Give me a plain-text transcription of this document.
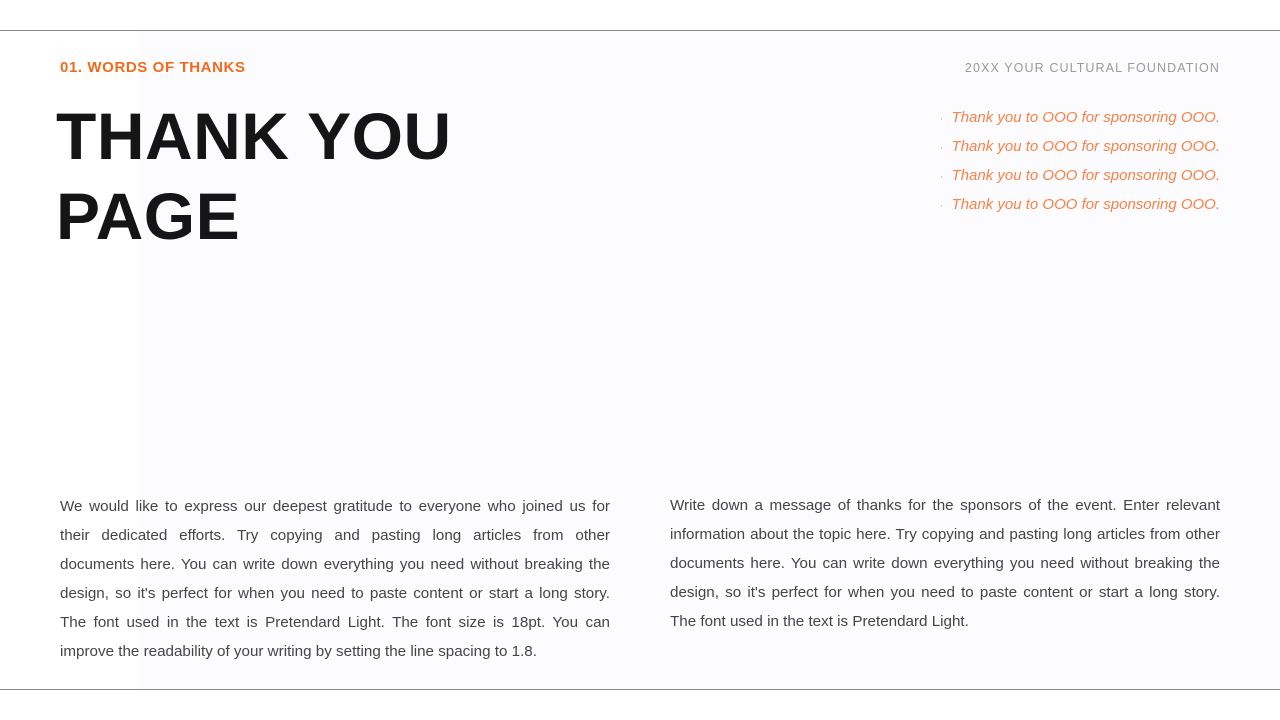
01. WORDS OF THANKS	20XX YOUR CULTURAL FOUNDATION
THANK YOU
PAGE
· Thank you to OOO for sponsoring OOO.
· Thank you to OOO for sponsoring OOO.
· Thank you to OOO for sponsoring OOO.
· Thank you to OOO for sponsoring OOO.

We would like to express our deepest gratitude to everyone who joined us for their dedicated efforts. Try copying and pasting long articles from other documents here. You can write down everything you need without breaking the design, so it's perfect for when you need to paste content or start a long story. The font used in the text is Pretendard Light. The font size is 18pt. You can improve the readability of your writing by setting the line spacing to 1.8.

Write down a message of thanks for the sponsors of the event. Enter relevant information about the topic here. Try copying and pasting long articles from other documents here. You can write down everything you need without breaking the design, so it's perfect for when you need to paste content or start a long story. The font used in the text is Pretendard Light.
